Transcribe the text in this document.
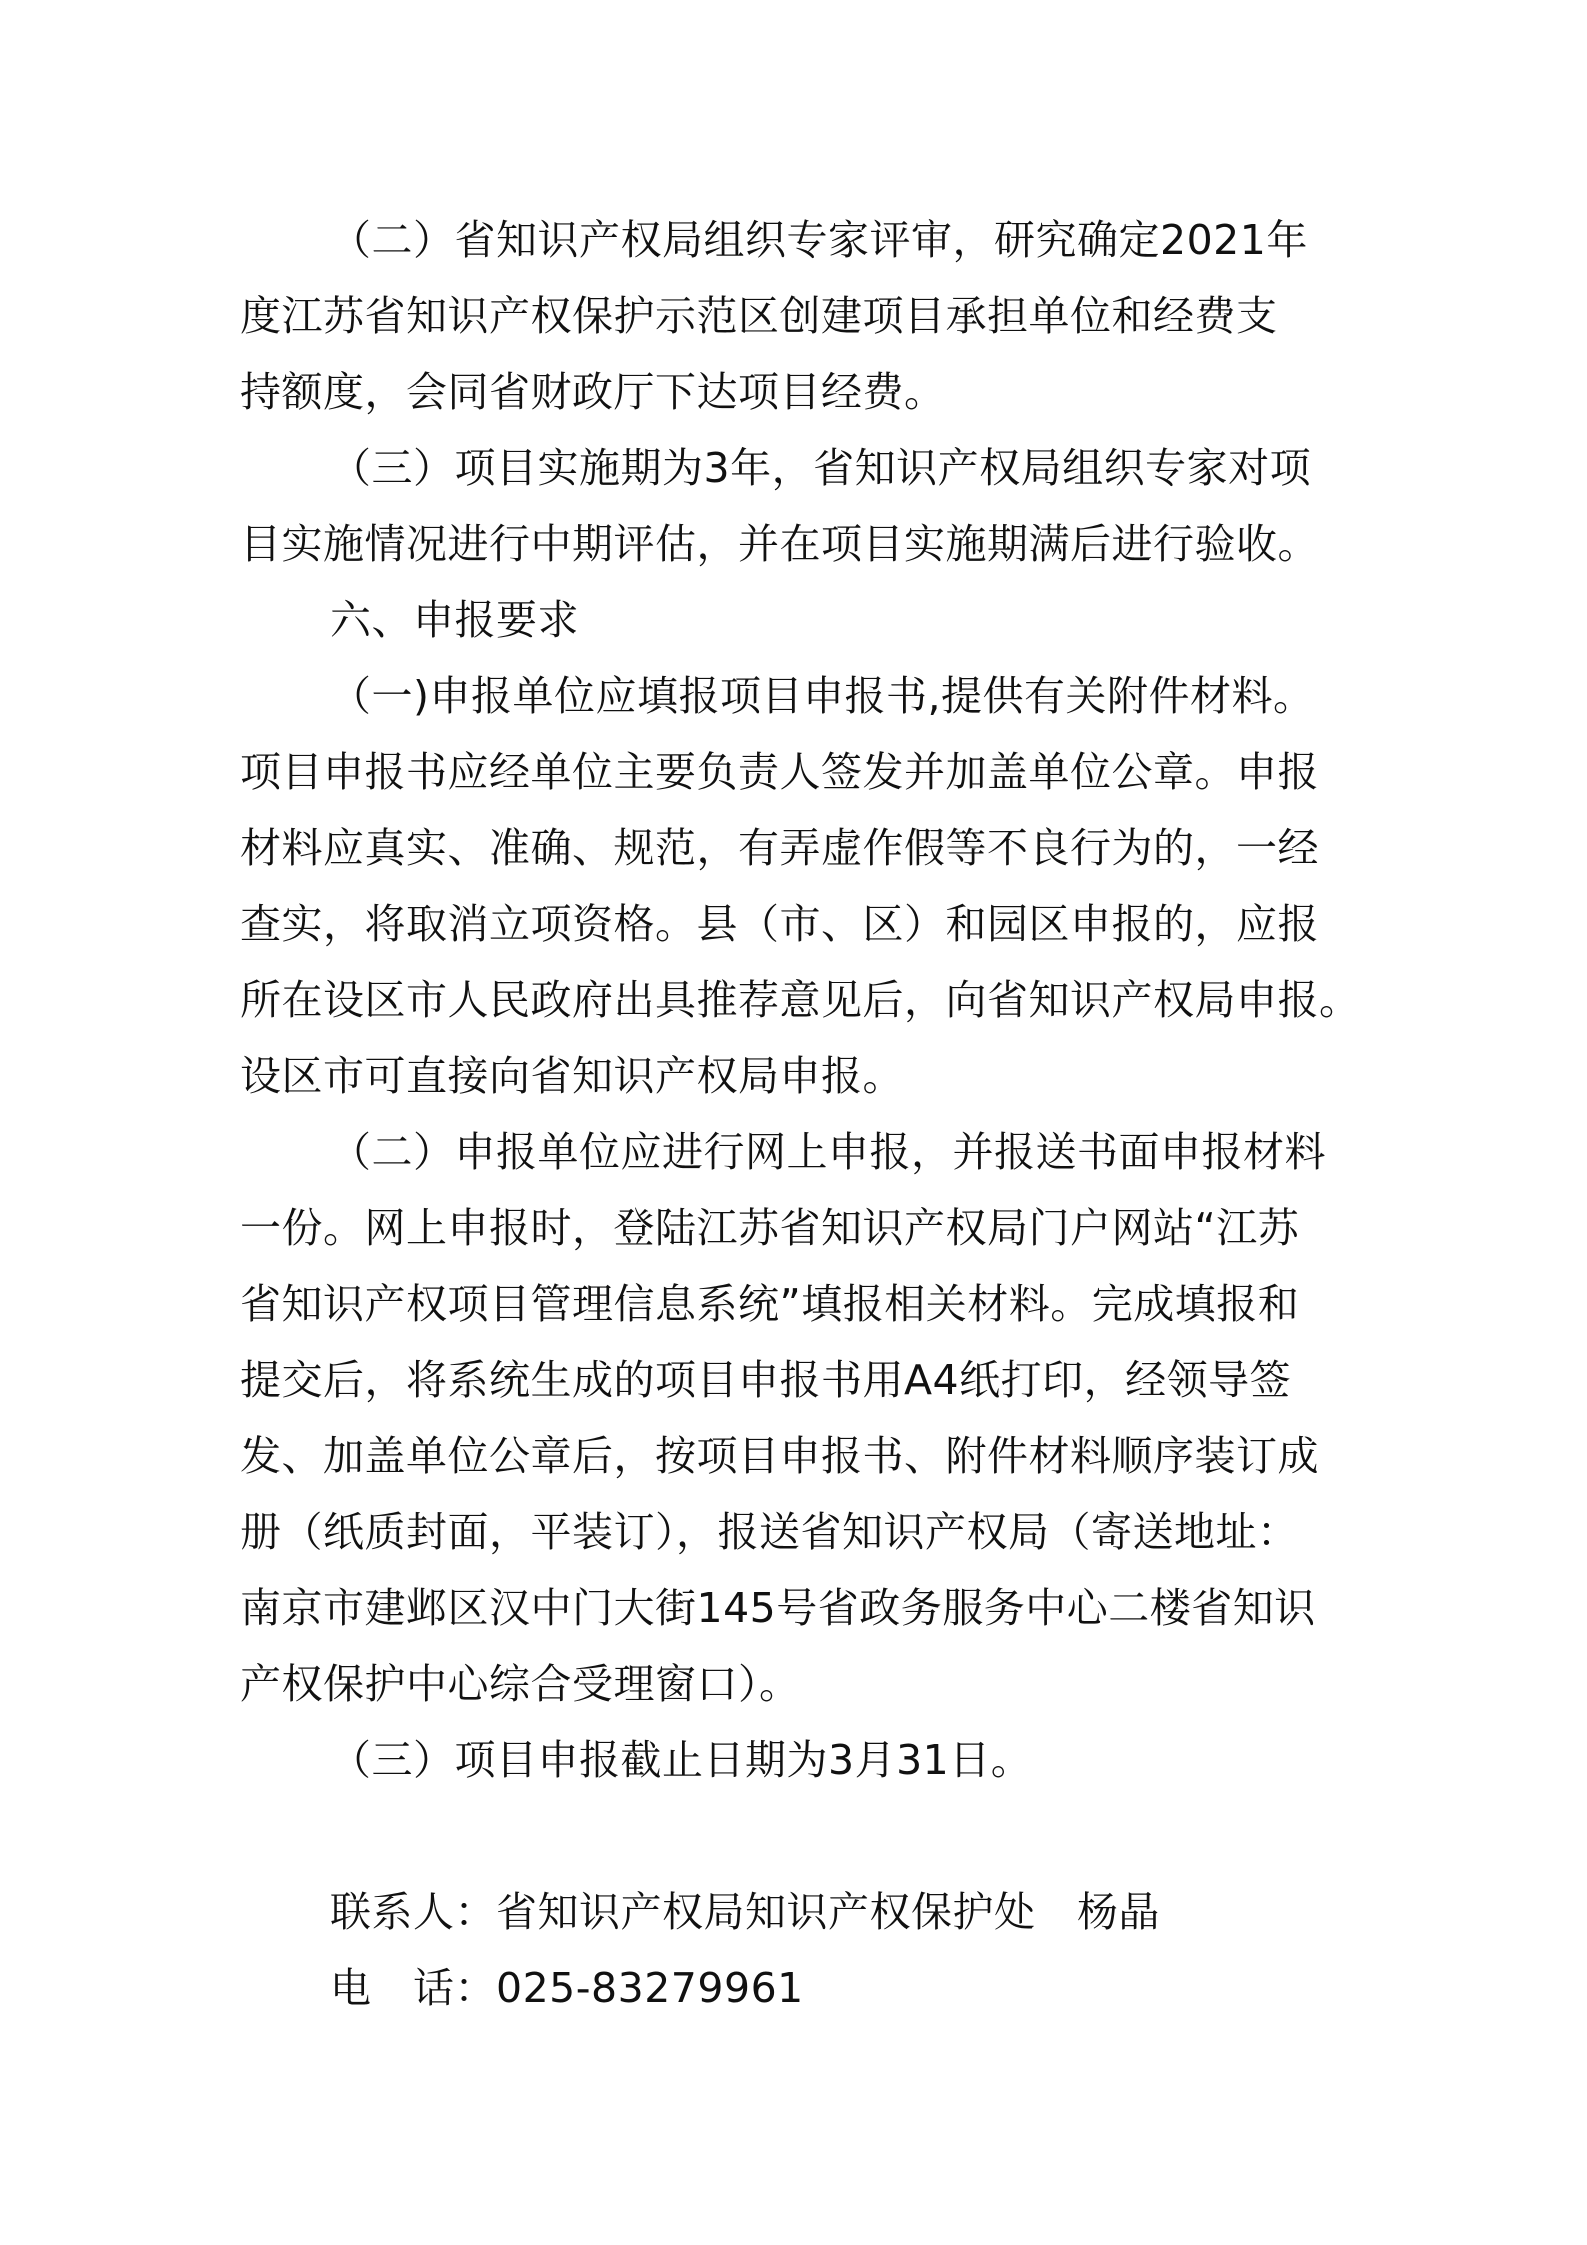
（二）省知识产权局组织专家评审，研究确定2021年
度江苏省知识产权保护示范区创建项目承担单位和经费支
持额度，会同省财政厅下达项目经费。
（三）项目实施期为3年，省知识产权局组织专家对项
目实施情况进行中期评估，并在项目实施期满后进行验收。
六、申报要求
（一)申报单位应填报项目申报书,提供有关附件材料。
项目申报书应经单位主要负责人签发并加盖单位公章。申报
材料应真实、准确、规范，有弄虚作假等不良行为的，一经
查实，将取消立项资格。县（市、区）和园区申报的，应报
所在设区市人民政府出具推荐意见后，向省知识产权局申报。
设区市可直接向省知识产权局申报。
（二）申报单位应进行网上申报，并报送书面申报材料
一份。网上申报时，登陆江苏省知识产权局门户网站“江苏
省知识产权项目管理信息系统”填报相关材料。完成填报和
提交后，将系统生成的项目申报书用A4纸打印，经领导签
发、加盖单位公章后，按项目申报书、附件材料顺序装订成
册（纸质封面，平装订），报送省知识产权局（寄送地址：
南京市建邺区汉中门大街145号省政务服务中心二楼省知识
产权保护中心综合受理窗口）。
（三）项目申报截止日期为3月31日。
联系人：省知识产权局知识产权保护处　杨晶
电　话：025-83279961
